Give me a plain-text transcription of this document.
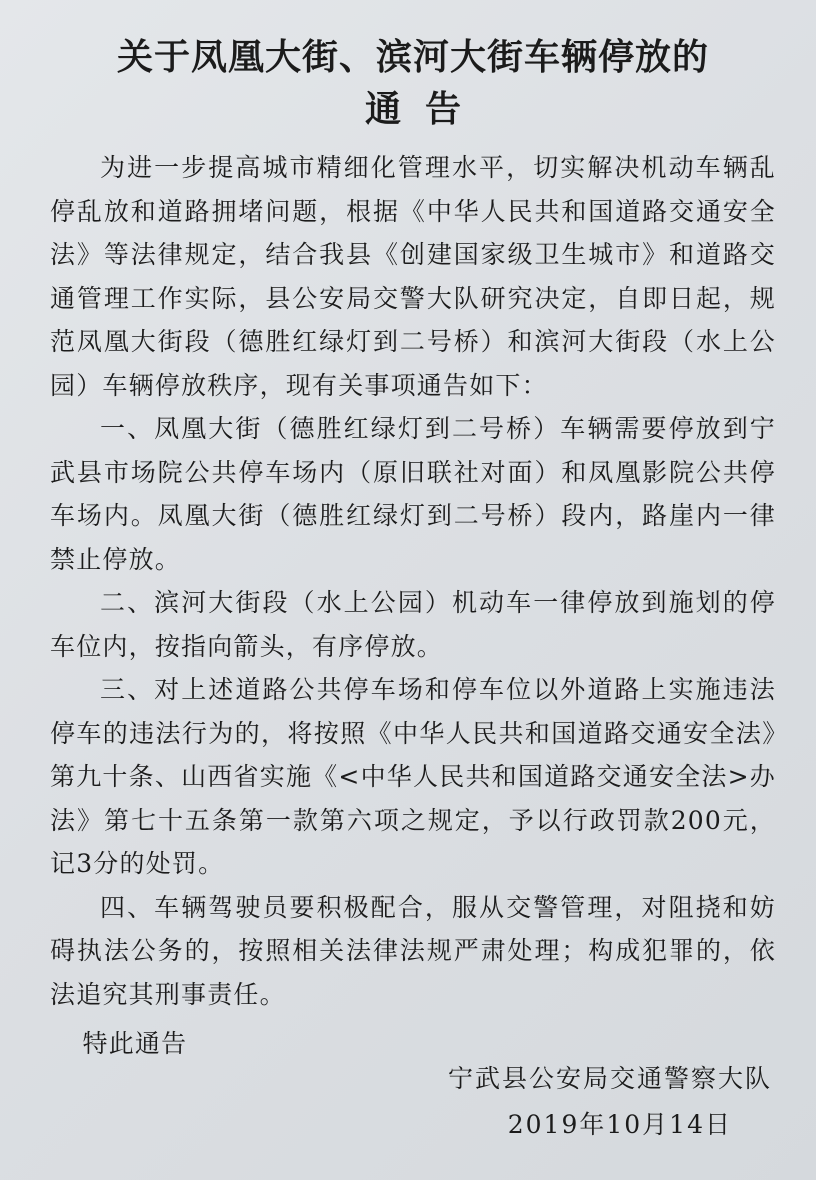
关于凤凰大街、滨河大街车辆停放的
通告

为进一步提高城市精细化管理水平，切实解决机动车辆乱停乱放和道路拥堵问题，根据《中华人民共和国道路交通安全法》等法律规定，结合我县《创建国家级卫生城市》和道路交通管理工作实际，县公安局交警大队研究决定，自即日起，规范凤凰大街段（德胜红绿灯到二号桥）和滨河大街段（水上公园）车辆停放秩序，现有关事项通告如下：

一、凤凰大街（德胜红绿灯到二号桥）车辆需要停放到宁武县市场院公共停车场内（原旧联社对面）和凤凰影院公共停车场内。凤凰大街（德胜红绿灯到二号桥）段内，路崖内一律禁止停放。

二、滨河大街段（水上公园）机动车一律停放到施划的停车位内，按指向箭头，有序停放。

三、对上述道路公共停车场和停车位以外道路上实施违法停车的违法行为的，将按照《中华人民共和国道路交通安全法》第九十条、山西省实施《<中华人民共和国道路交通安全法>办法》第七十五条第一款第六项之规定，予以行政罚款200元，记3分的处罚。

四、车辆驾驶员要积极配合，服从交警管理，对阻挠和妨碍执法公务的，按照相关法律法规严肃处理；构成犯罪的，依法追究其刑事责任。

特此通告

宁武县公安局交通警察大队
2019年10月14日
